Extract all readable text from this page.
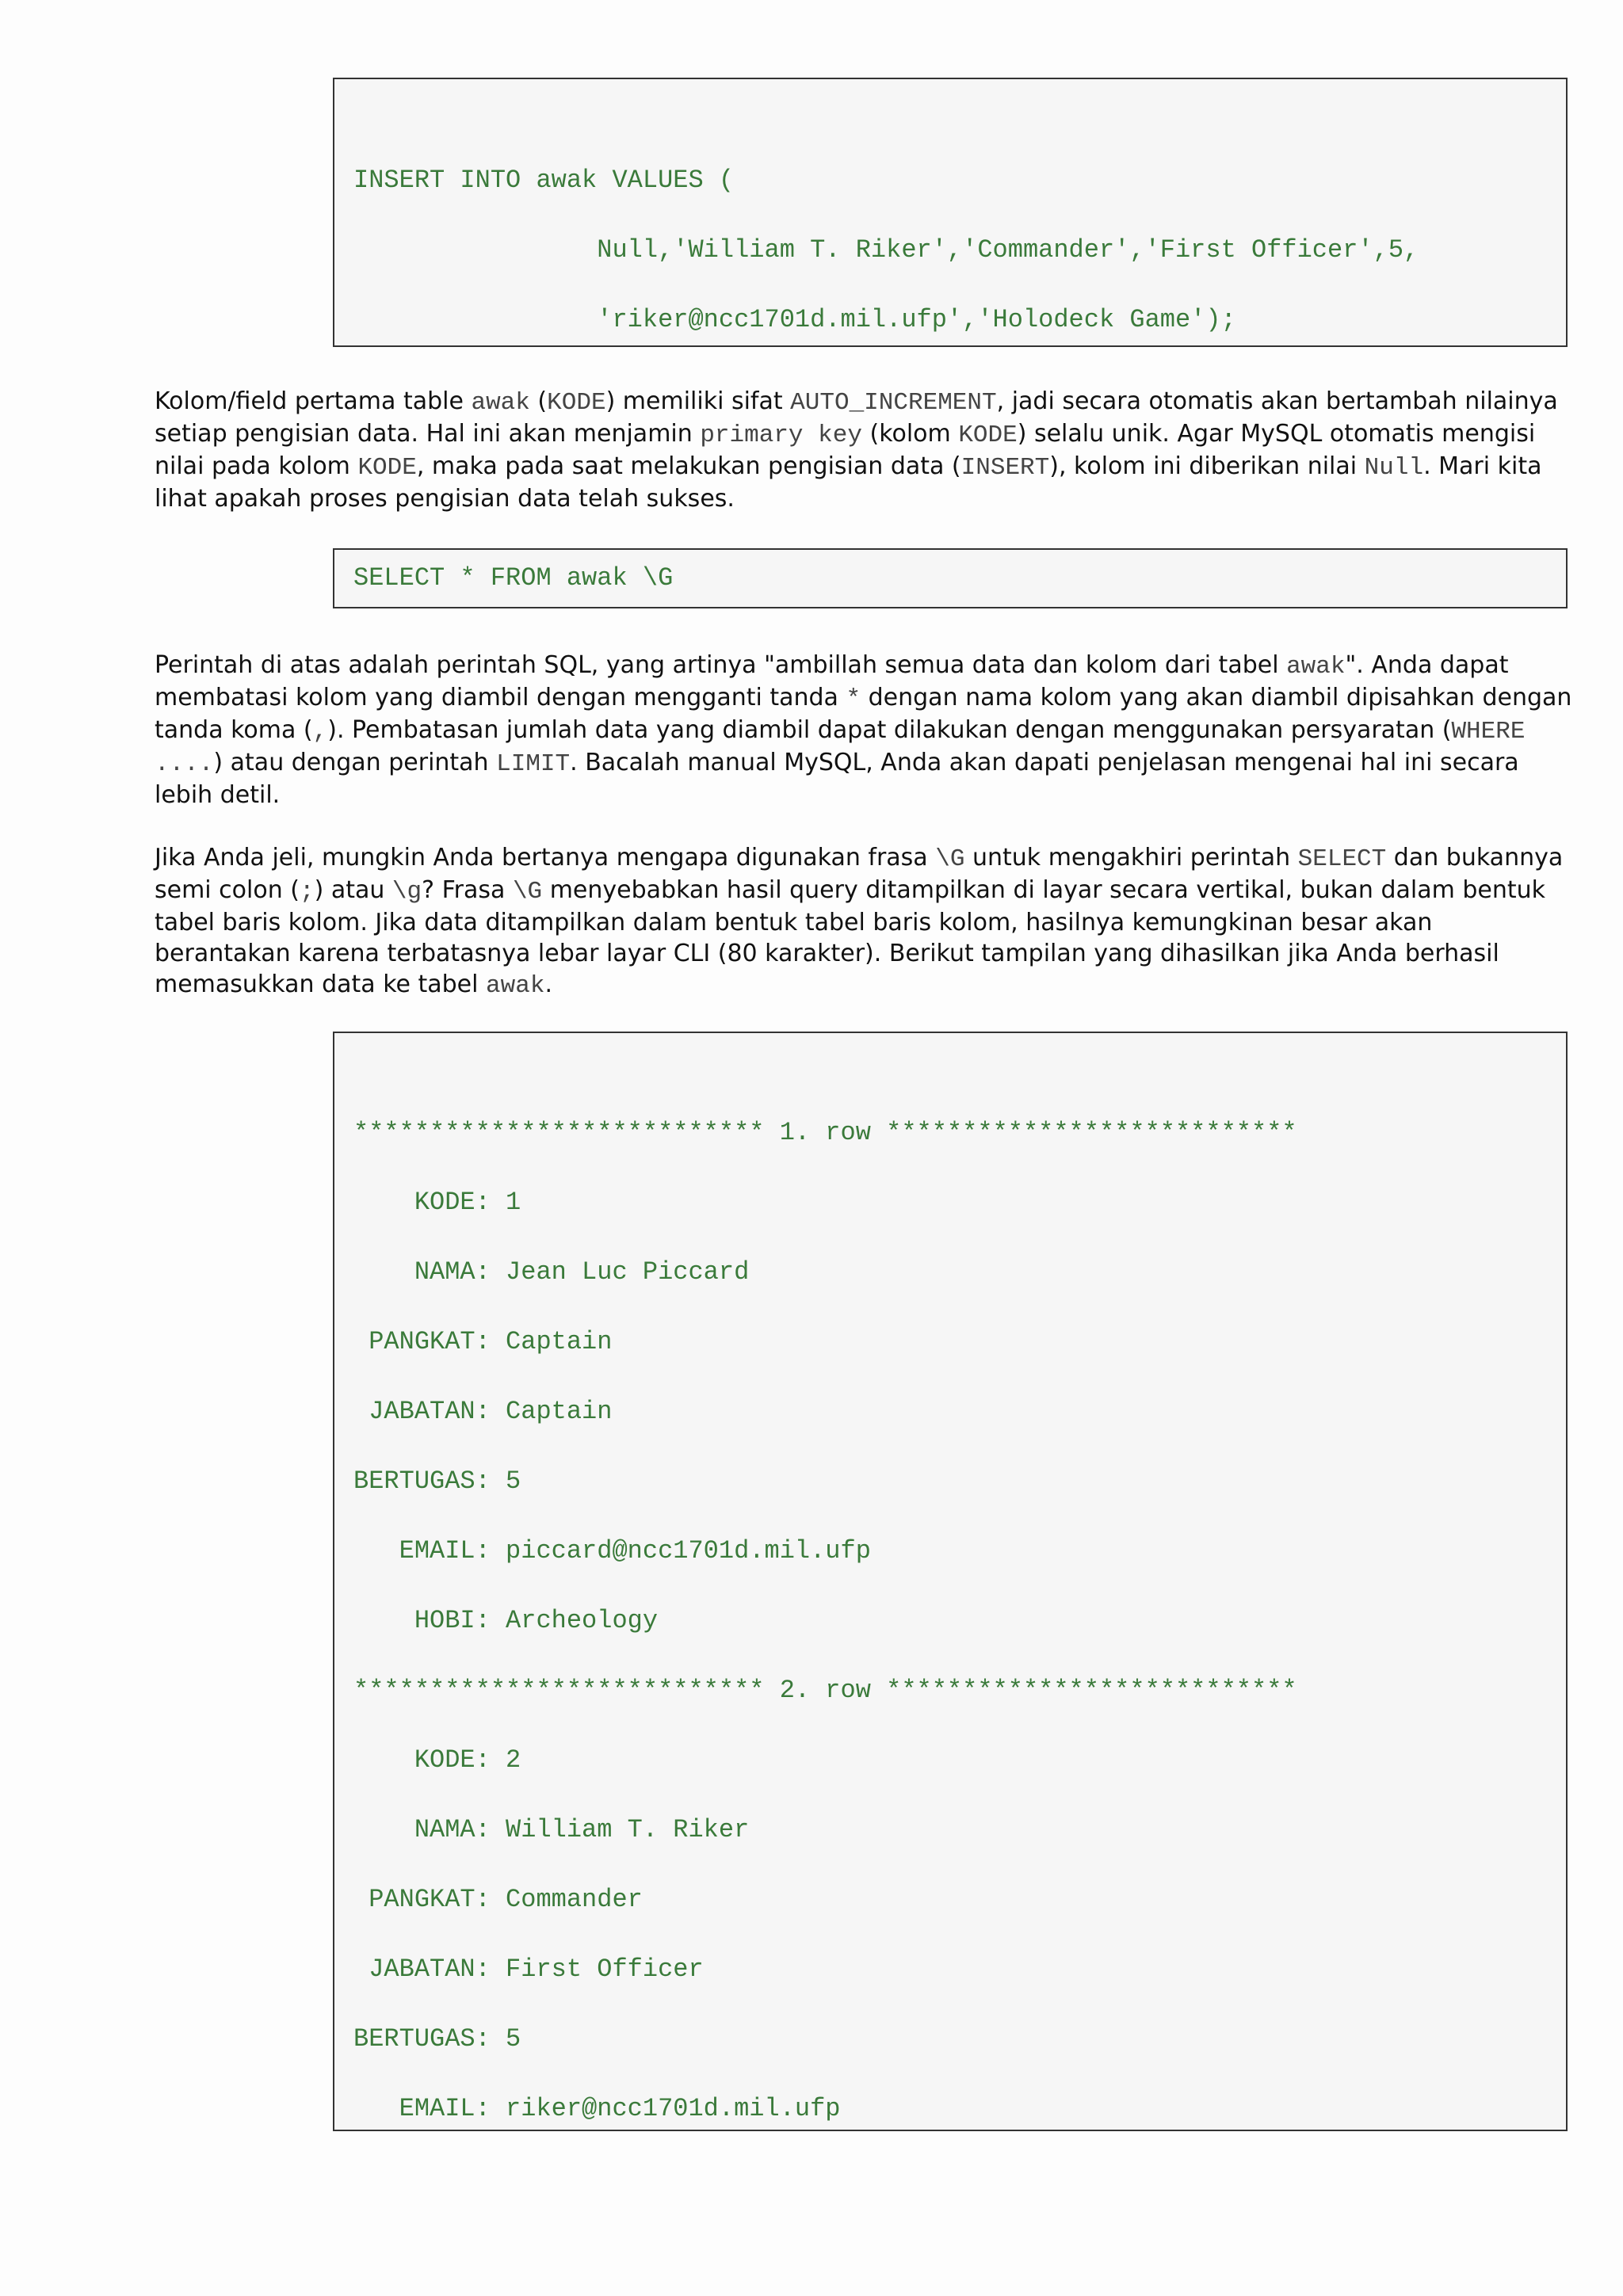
INSERT INTO awak VALUES (

Null,'William T. Riker','Commander','First Officer',5,

'riker@ncc1701d.mil.ufp','Holodeck Game');

Kolom/field pertama table awak (KODE) memiliki sifat AUTO_INCREMENT, jadi secara otomatis akan bertambah nilainya setiap pengisian data. Hal ini akan menjamin primary key (kolom KODE) selalu unik. Agar MySQL otomatis mengisi nilai pada kolom KODE, maka pada saat melakukan pengisian data (INSERT), kolom ini diberikan nilai Null. Mari kita lihat apakah proses pengisian data telah sukses.

SELECT * FROM awak \G

Perintah di atas adalah perintah SQL, yang artinya "ambillah semua data dan kolom dari tabel awak". Anda dapat membatasi kolom yang diambil dengan mengganti tanda * dengan nama kolom yang akan diambil dipisahkan dengan tanda koma (,). Pembatasan jumlah data yang diambil dapat dilakukan dengan menggunakan persyaratan (WHERE ....) atau dengan perintah LIMIT. Bacalah manual MySQL, Anda akan dapati penjelasan mengenai hal ini secara lebih detil.

Jika Anda jeli, mungkin Anda bertanya mengapa digunakan frasa \G untuk mengakhiri perintah SELECT dan bukannya semi colon (;) atau \g? Frasa \G menyebabkan hasil query ditampilkan di layar secara vertikal, bukan dalam bentuk tabel baris kolom. Jika data ditampilkan dalam bentuk tabel baris kolom, hasilnya kemungkinan besar akan berantakan karena terbatasnya lebar layar CLI (80 karakter). Berikut tampilan yang dihasilkan jika Anda berhasil memasukkan data ke tabel awak.

*************************** 1. row ***************************

KODE: 1

NAMA: Jean Luc Piccard

PANGKAT: Captain

JABATAN: Captain

BERTUGAS: 5

EMAIL: piccard@ncc1701d.mil.ufp

HOBI: Archeology

*************************** 2. row ***************************

KODE: 2

NAMA: William T. Riker

PANGKAT: Commander

JABATAN: First Officer

BERTUGAS: 5

EMAIL: riker@ncc1701d.mil.ufp
